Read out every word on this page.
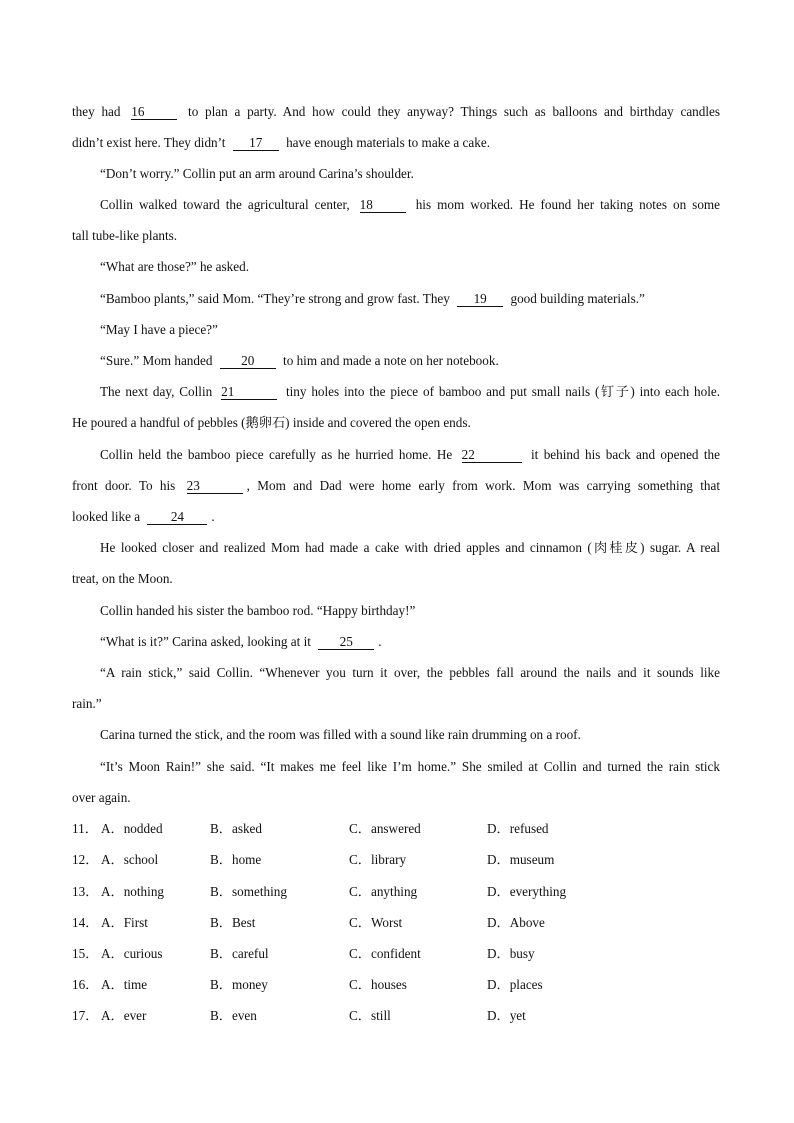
they had 16	to plan a party. And how could they anyway? Things such as balloons and birthday candles
didn’t exist here. They didn’t 17 have enough materials to make a cake.
“Don’t worry.” Collin put an arm around Carina’s shoulder.
Collin walked toward the agricultural center, 18	his mom worked. He found her taking notes on some
tall tube-like plants.
“What are those?” he asked.
“Bamboo plants,” said Mom. “They’re strong and grow fast. They 19 good building materials.”
“May I have a piece?”
“Sure.” Mom handed 20 to him and made a note on her notebook.
The next day, Collin 21	tiny holes into the piece of bamboo and put small nails (钉子) into each hole.
He poured a handful of pebbles (鹅卵石) inside and covered the open ends.
Collin held the bamboo piece carefully as he hurried home. He 22	it behind his back and opened the
front door. To his 23	, Mom and Dad were home early from work. Mom was carrying something that
looked like a 24 .
He looked closer and realized Mom had made a cake with dried apples and cinnamon (肉桂皮) sugar. A real
treat, on the Moon.
Collin handed his sister the bamboo rod. “Happy birthday!”
“What is it?” Carina asked, looking at it 25 .
“A rain stick,” said Collin. “Whenever you turn it over, the pebbles fall around the nails and it sounds like
rain.”
Carina turned the stick, and the room was filled with a sound like rain drumming on a roof.
“It’s Moon Rain!” she said. “It makes me feel like I’m home.” She smiled at Collin and turned the rain stick
over again.
11． A．nodded	B．asked	C．answered	D．refused
12． A．school	B．home	C．library	D．museum
13． A．nothing	B．something	C．anything	D．everything
14． A．First	B．Best	C．Worst	D．Above
15． A．curious	B．careful	C．confident	D．busy
16． A．time	B．money	C．houses	D．places
17． A．ever	B．even	C．still	D．yet
